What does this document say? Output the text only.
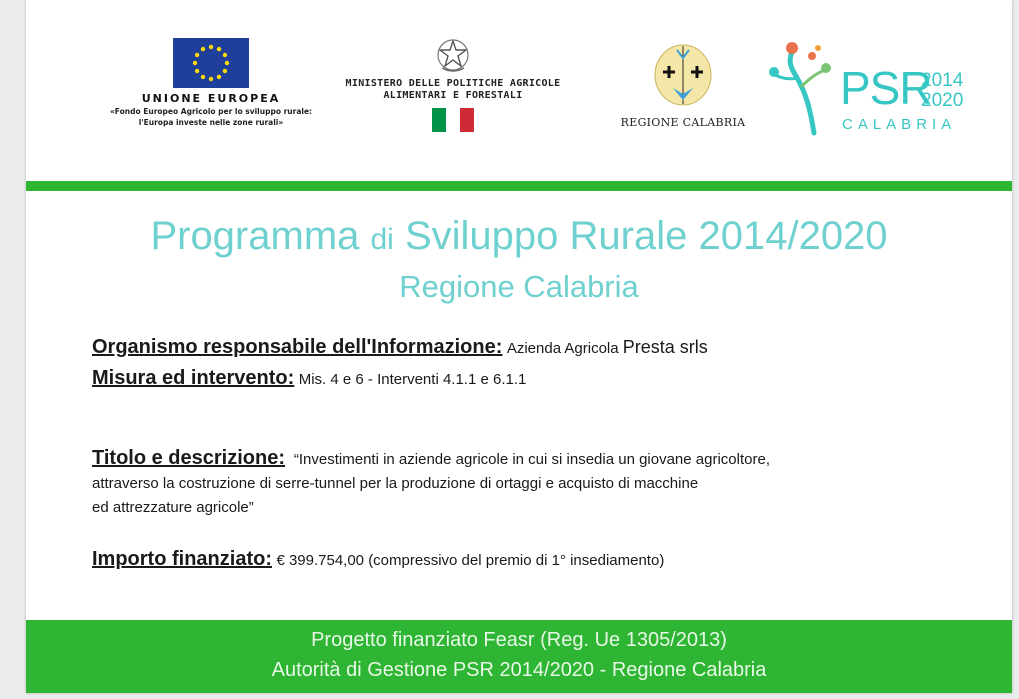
UNIONE EUROPEA
«Fondo Europeo Agricolo per lo sviluppo rurale:
l'Europa investe nelle zone rurali»
MINISTERO DELLE POLITICHE AGRICOLE
ALIMENTARI E FORESTALI
REGIONE CALABRIA
PSR
2014
2020
CALABRIA
Programma di Sviluppo Rurale 2014/2020
Regione Calabria
Organismo responsabile dell'Informazione: Azienda Agricola Presta srls
Misura ed intervento: Mis. 4 e 6 - Interventi 4.1.1 e 6.1.1
Titolo e descrizione: “Investimenti in aziende agricole in cui si insedia un giovane agricoltore,
attraverso la costruzione di serre-tunnel per la produzione di ortaggi e acquisto di macchine
ed attrezzature agricole”
Importo finanziato: € 399.754,00 (compressivo del premio di 1° insediamento)
Progetto finanziato Feasr (Reg. Ue 1305/2013)
Autorità di Gestione PSR 2014/2020 - Regione Calabria
